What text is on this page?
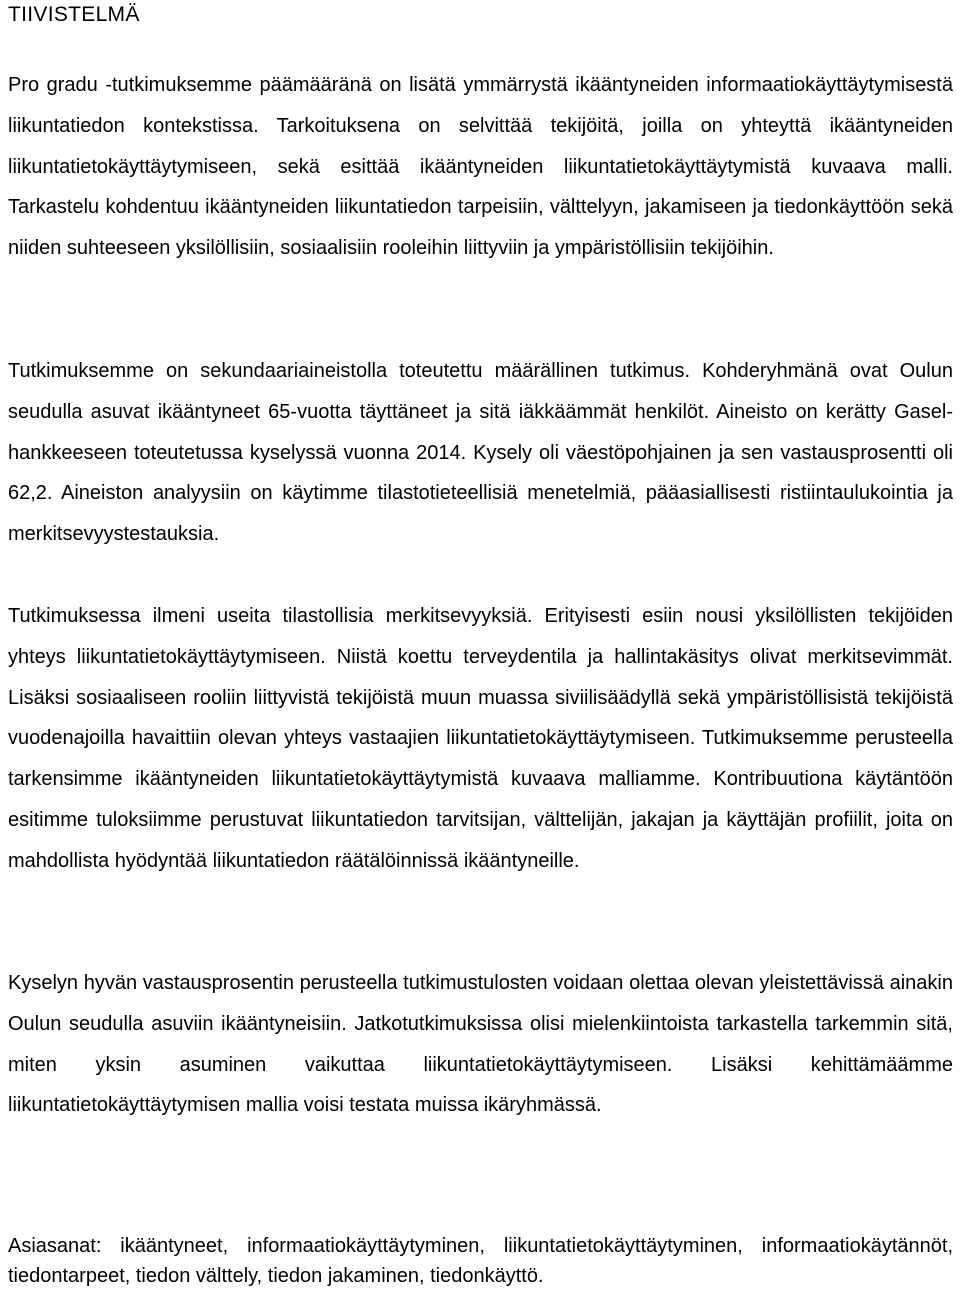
TIIVISTELMÄ

Pro gradu -tutkimuksemme päämääränä on lisätä ymmärrystä ikääntyneiden informaatiokäyttäytymisestä liikuntatiedon kontekstissa. Tarkoituksena on selvittää tekijöitä, joilla on yhteyttä ikääntyneiden liikuntatietokäyttäytymiseen, sekä esittää ikääntyneiden liikuntatietokäyttäytymistä kuvaava malli. Tarkastelu kohdentuu ikääntyneiden liikuntatiedon tarpeisiin, välttelyyn, jakamiseen ja tiedonkäyttöön sekä niiden suhteeseen yksilöllisiin, sosiaalisiin rooleihin liittyviin ja ympäristöllisiin tekijöihin.

Tutkimuksemme on sekundaariaineistolla toteutettu määrällinen tutkimus. Kohderyhmänä ovat Oulun seudulla asuvat ikääntyneet 65-vuotta täyttäneet ja sitä iäkkäämmät henkilöt. Aineisto on kerätty Gasel-hankkeeseen toteutetussa kyselyssä vuonna 2014. Kysely oli väestöpohjainen ja sen vastausprosentti oli 62,2. Aineiston analyysiin on käytimme tilastotieteellisiä menetelmiä, pääasiallisesti ristiintaulukointia ja merkitsevyystestauksia.

Tutkimuksessa ilmeni useita tilastollisia merkitsevyyksiä. Erityisesti esiin nousi yksilöllisten tekijöiden yhteys liikuntatietokäyttäytymiseen. Niistä koettu terveydentila ja hallintakäsitys olivat merkitsevimmät. Lisäksi sosiaaliseen rooliin liittyvistä tekijöistä muun muassa siviilisäädyllä sekä ympäristöllisistä tekijöistä vuodenajoilla havaittiin olevan yhteys vastaajien liikuntatietokäyttäytymiseen. Tutkimuksemme perusteella tarkensimme ikääntyneiden liikuntatietokäyttäytymistä kuvaava malliamme. Kontribuutiona käytäntöön esitimme tuloksiimme perustuvat liikuntatiedon tarvitsijan, välttelijän, jakajan ja käyttäjän profiilit, joita on mahdollista hyödyntää liikuntatiedon räätälöinnissä ikääntyneille.

Kyselyn hyvän vastausprosentin perusteella tutkimustulosten voidaan olettaa olevan yleistettävissä ainakin Oulun seudulla asuviin ikääntyneisiin. Jatkotutkimuksissa olisi mielenkiintoista tarkastella tarkemmin sitä, miten yksin asuminen vaikuttaa liikuntatietokäyttäytymiseen. Lisäksi kehittämäämme liikuntatietokäyttäytymisen mallia voisi testata muissa ikäryhmässä.

Asiasanat: ikääntyneet, informaatiokäyttäytyminen, liikuntatietokäyttäytyminen, informaatiokäytännöt, tiedontarpeet, tiedon välttely, tiedon jakaminen, tiedonkäyttö.
